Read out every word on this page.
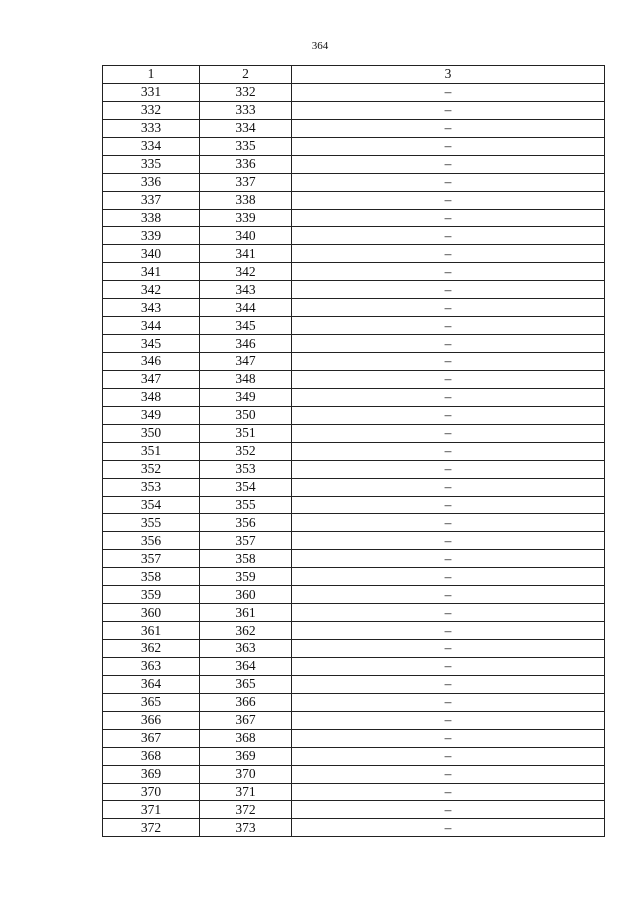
364
1	2	3
331	332	–
332	333	–
333	334	–
334	335	–
335	336	–
336	337	–
337	338	–
338	339	–
339	340	–
340	341	–
341	342	–
342	343	–
343	344	–
344	345	–
345	346	–
346	347	–
347	348	–
348	349	–
349	350	–
350	351	–
351	352	–
352	353	–
353	354	–
354	355	–
355	356	–
356	357	–
357	358	–
358	359	–
359	360	–
360	361	–
361	362	–
362	363	–
363	364	–
364	365	–
365	366	–
366	367	–
367	368	–
368	369	–
369	370	–
370	371	–
371	372	–
372	373	–
